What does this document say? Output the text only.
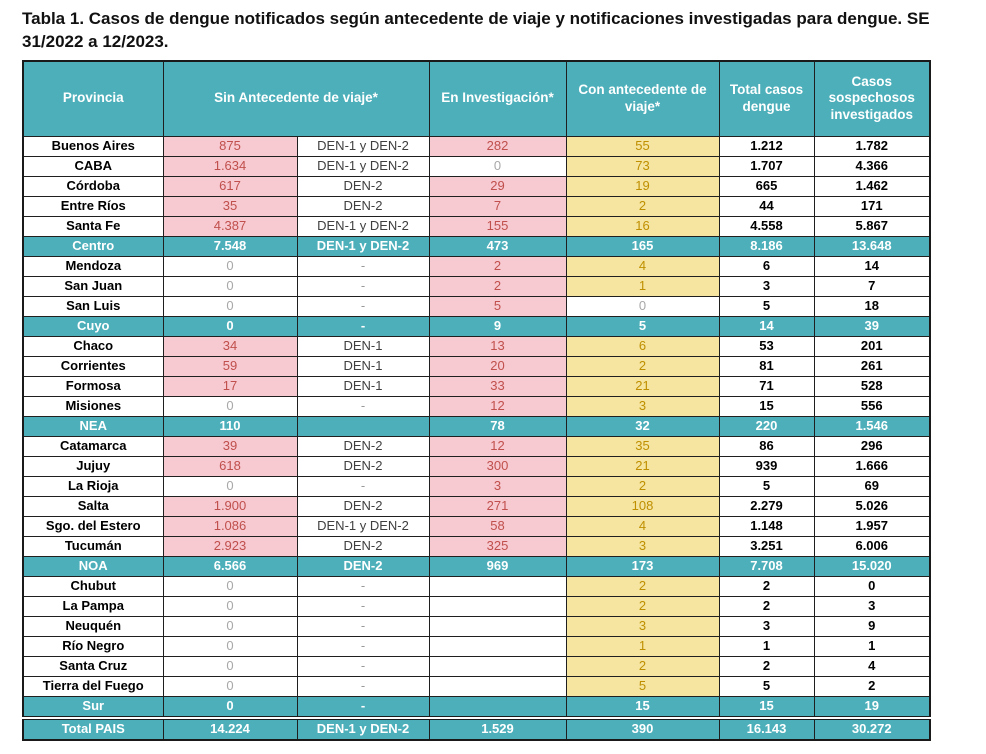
Tabla 1. Casos de dengue notificados según antecedente de viaje y notificaciones investigadas para dengue. SE 31/2022 a 12/2023.
Provincia	Sin Antecedente de viaje*		En Investigación*	Con antecedente de viaje*	Total casos dengue	Casos sospechosos investigados
Buenos Aires	875	DEN-1 y DEN-2	282	55	1.212	1.782
CABA	1.634	DEN-1 y DEN-2	0	73	1.707	4.366
Córdoba	617	DEN-2	29	19	665	1.462
Entre Ríos	35	DEN-2	7	2	44	171
Santa Fe	4.387	DEN-1 y DEN-2	155	16	4.558	5.867
Centro	7.548	DEN-1 y DEN-2	473	165	8.186	13.648
Mendoza	0	-	2	4	6	14
San Juan	0	-	2	1	3	7
San Luis	0	-	5	0	5	18
Cuyo	0	-	9	5	14	39
Chaco	34	DEN-1	13	6	53	201
Corrientes	59	DEN-1	20	2	81	261
Formosa	17	DEN-1	33	21	71	528
Misiones	0	-	12	3	15	556
NEA	110		78	32	220	1.546
Catamarca	39	DEN-2	12	35	86	296
Jujuy	618	DEN-2	300	21	939	1.666
La Rioja	0	-	3	2	5	69
Salta	1.900	DEN-2	271	108	2.279	5.026
Sgo. del Estero	1.086	DEN-1 y DEN-2	58	4	1.148	1.957
Tucumán	2.923	DEN-2	325	3	3.251	6.006
NOA	6.566	DEN-2	969	173	7.708	15.020
Chubut	0	-		2	2	0
La Pampa	0	-		2	2	3
Neuquén	0	-		3	3	9
Río Negro	0	-		1	1	1
Santa Cruz	0	-		2	2	4
Tierra del Fuego	0	-		5	5	2
Sur	0	-		15	15	19
Total PAIS	14.224	DEN-1 y DEN-2	1.529	390	16.143	30.272
